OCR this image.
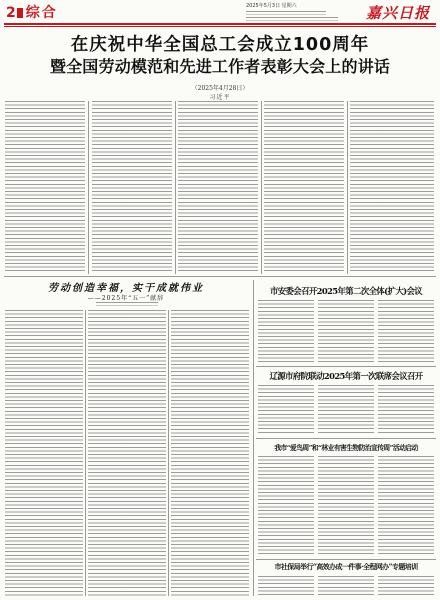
2 综合	2025年5月3日 星期六	嘉兴日报
在庆祝中华全国总工会成立100周年
暨全国劳动模范和先进工作者表彰大会上的讲话
（2025年4月28日）
习近平
劳动创造幸福，实干成就伟业
——2025年“五一”献辞
市安委会召开2025年第二次全体(扩大)会议
辽源市府院联动2025年第一次联席会议召开
我市“爱鸟周”和“林业有害生物防治宣传周”活动启动
市社保局举行“高效办成一件事·全程网办”专题培训
